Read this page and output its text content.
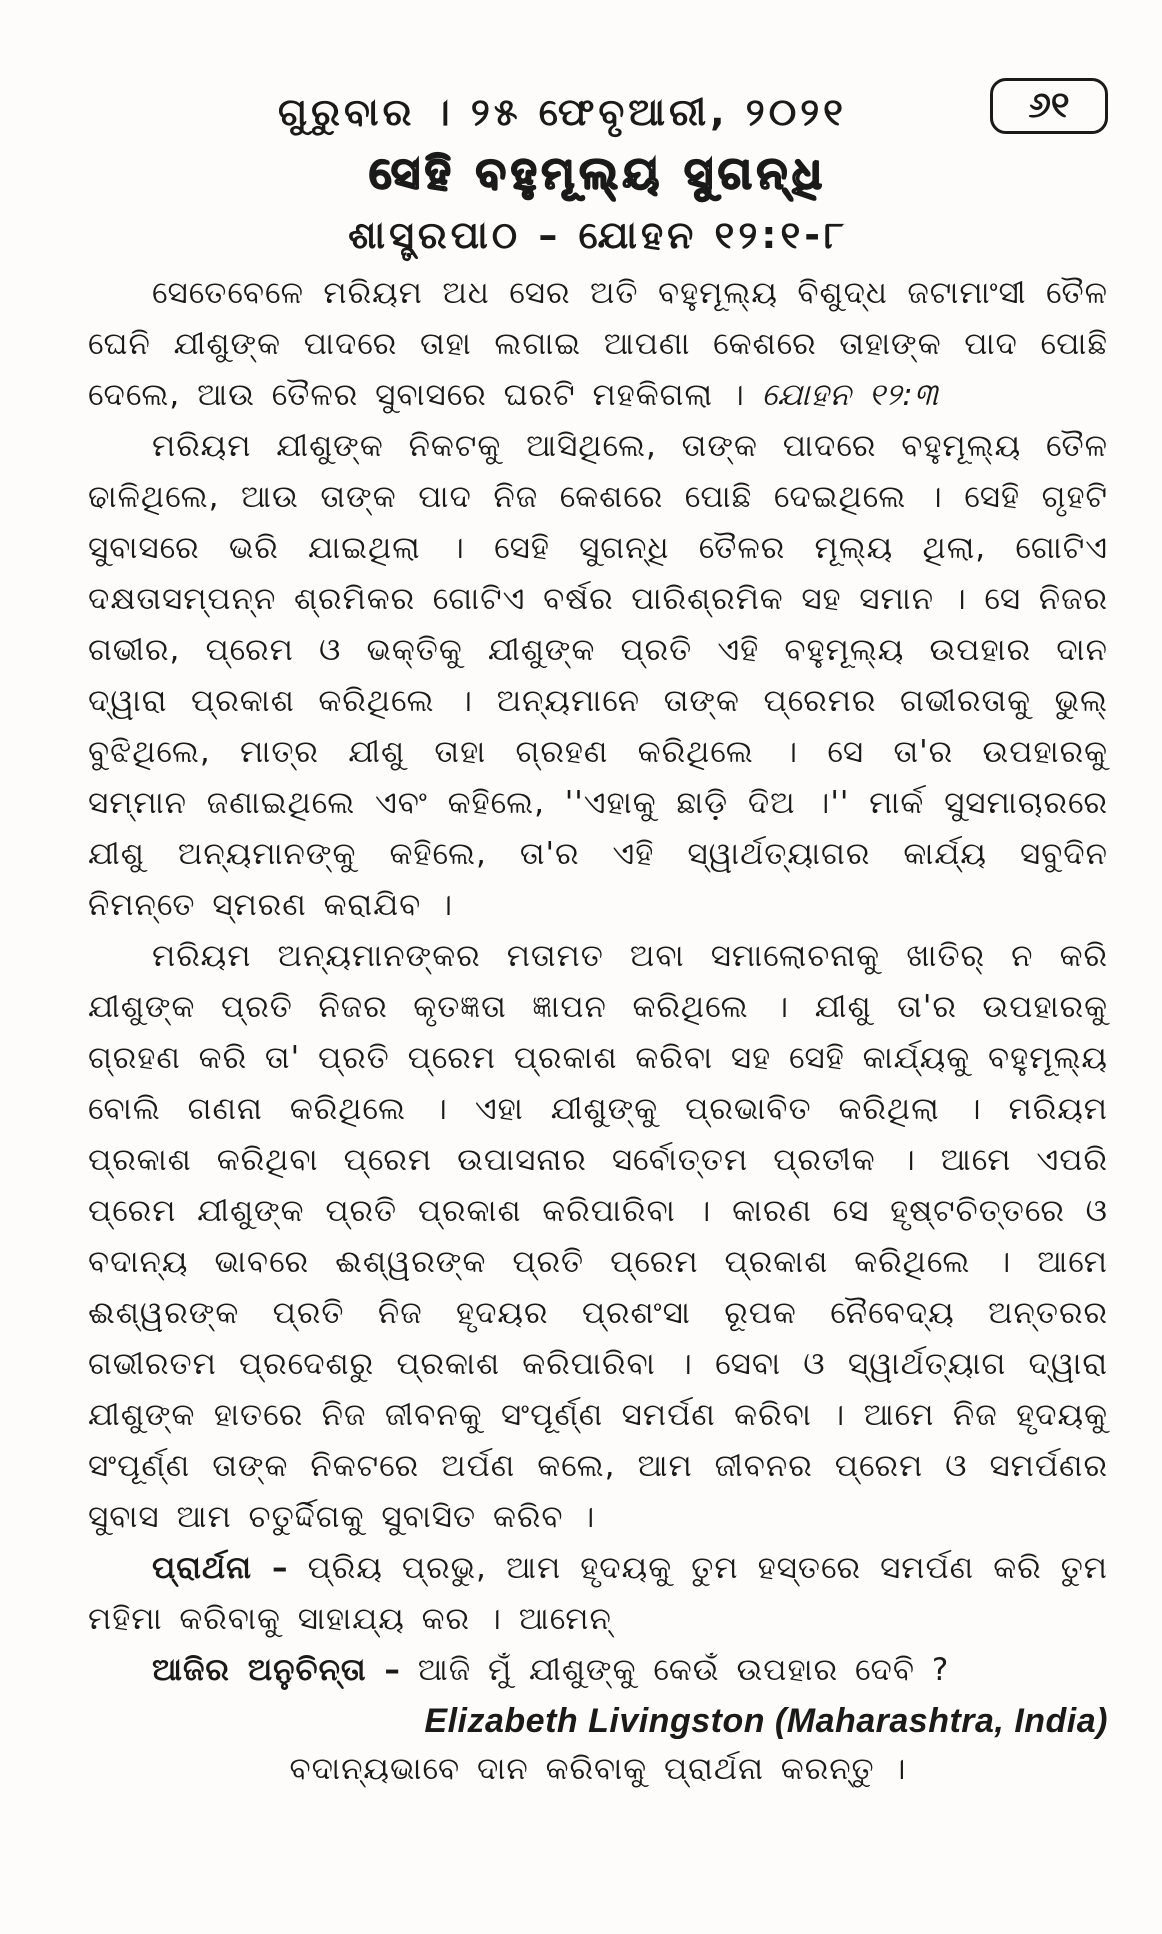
ଗୁରୁବାର । ୨୫ ଫେବୃଆରୀ, ୨୦୨୧	୬୧
ସେହି ବହୁମୂଲ୍ୟ ସୁଗନ୍ଧି
ଶାସ୍ତ୍ରପାଠ – ଯୋହନ ୧୨:୧-୮

ସେତେବେଳେ ମରିୟମ ଅଧ ସେର ଅତି ବହୁମୂଲ୍ୟ ବିଶୁଦ୍ଧ ଜଟାମାଂସୀ ତୈଳ ଘେନି ଯୀଶୁଙ୍କ ପାଦରେ ତାହା ଲଗାଇ ଆପଣା କେଶରେ ତାହାଙ୍କ ପାଦ ପୋଛି ଦେଲେ, ଆଉ ତୈଳର ସୁବାସରେ ଘରଟି ମହକିଗଲା । ଯୋହନ ୧୨:୩

ମରିୟମ ଯୀଶୁଙ୍କ ନିକଟକୁ ଆସିଥିଲେ, ତାଙ୍କ ପାଦରେ ବହୁମୂଲ୍ୟ ତୈଳ ଢାଳିଥିଲେ, ଆଉ ତାଙ୍କ ପାଦ ନିଜ କେଶରେ ପୋଛି ଦେଇଥିଲେ । ସେହି ଗୃହଟି ସୁବାସରେ ଭରି ଯାଇଥିଲା । ସେହି ସୁଗନ୍ଧି ତୈଳର ମୂଲ୍ୟ ଥିଲା, ଗୋଟିଏ ଦକ୍ଷତାସମ୍ପନ୍ନ ଶ୍ରମିକର ଗୋଟିଏ ବର୍ଷର ପାରିଶ୍ରମିକ ସହ ସମାନ । ସେ ନିଜର ଗଭୀର, ପ୍ରେମ ଓ ଭକ୍ତିକୁ ଯୀଶୁଙ୍କ ପ୍ରତି ଏହି ବହୁମୂଲ୍ୟ ଉପହାର ଦାନ ଦ୍ୱାରା ପ୍ରକାଶ କରିଥିଲେ । ଅନ୍ୟମାନେ ତାଙ୍କ ପ୍ରେମର ଗଭୀରତାକୁ ଭୁଲ୍ ବୁଝିଥିଲେ, ମାତ୍ର ଯୀଶୁ ତାହା ଗ୍ରହଣ କରିଥିଲେ । ସେ ତା'ର ଉପହାରକୁ ସମ୍ମାନ ଜଣାଇଥିଲେ ଏବଂ କହିଲେ, ''ଏହାକୁ ଛାଡ଼ି ଦିଅ ।'' ମାର୍କ ସୁସମାଚାରରେ ଯୀଶୁ ଅନ୍ୟମାନଙ୍କୁ କହିଲେ, ତା'ର ଏହି ସ୍ୱାର୍ଥତ୍ୟାଗର କାର୍ଯ୍ୟ ସବୁଦିନ ନିମନ୍ତେ ସ୍ମରଣ କରାଯିବ ।

ମରିୟମ ଅନ୍ୟମାନଙ୍କର ମତାମତ ଅବା ସମାଲୋଚନାକୁ ଖାତିର୍ ନ କରି ଯୀଶୁଙ୍କ ପ୍ରତି ନିଜର କୃତଜ୍ଞତା ଜ୍ଞାପନ କରିଥିଲେ । ଯୀଶୁ ତା'ର ଉପହାରକୁ ଗ୍ରହଣ କରି ତା' ପ୍ରତି ପ୍ରେମ ପ୍ରକାଶ କରିବା ସହ ସେହି କାର୍ଯ୍ୟକୁ ବହୁମୂଲ୍ୟ ବୋଲି ଗଣନା କରିଥିଲେ । ଏହା ଯୀଶୁଙ୍କୁ ପ୍ରଭାବିତ କରିଥିଲା । ମରିୟମ ପ୍ରକାଶ କରିଥିବା ପ୍ରେମ ଉପାସନାର ସର୍ବୋତ୍ତମ ପ୍ରତୀକ । ଆମେ ଏପରି ପ୍ରେମ ଯୀଶୁଙ୍କ ପ୍ରତି ପ୍ରକାଶ କରିପାରିବା । କାରଣ ସେ ହୃଷ୍ଟଚିତ୍ତରେ ଓ ବଦାନ୍ୟ ଭାବରେ ଈଶ୍ୱରଙ୍କ ପ୍ରତି ପ୍ରେମ ପ୍ରକାଶ କରିଥିଲେ । ଆମେ ଈଶ୍ୱରଙ୍କ ପ୍ରତି ନିଜ ହୃଦୟର ପ୍ରଶଂସା ରୂପକ ନୈବେଦ୍ୟ ଅନ୍ତରର ଗଭୀରତମ ପ୍ରଦେଶରୁ ପ୍ରକାଶ କରିପାରିବା । ସେବା ଓ ସ୍ୱାର୍ଥତ୍ୟାଗ ଦ୍ୱାରା ଯୀଶୁଙ୍କ ହାତରେ ନିଜ ଜୀବନକୁ ସଂପୂର୍ଣ୍ଣ ସମର୍ପଣ କରିବା । ଆମେ ନିଜ ହୃଦୟକୁ ସଂପୂର୍ଣ୍ଣ ତାଙ୍କ ନିକଟରେ ଅର୍ପଣ କଲେ, ଆମ ଜୀବନର ପ୍ରେମ ଓ ସମର୍ପଣର ସୁବାସ ଆମ ଚତୁର୍ଦ୍ଦିଗକୁ ସୁବାସିତ କରିବ ।

ପ୍ରାର୍ଥନା – ପ୍ରିୟ ପ୍ରଭୁ, ଆମ ହୃଦୟକୁ ତୁମ ହସ୍ତରେ ସମର୍ପଣ କରି ତୁମ ମହିମା କରିବାକୁ ସାହାଯ୍ୟ କର । ଆମେନ୍

ଆଜିର ଅନୁଚିନ୍ତା – ଆଜି ମୁଁ ଯୀଶୁଙ୍କୁ କେଉଁ ଉପହାର ଦେବି ?

Elizabeth Livingston (Maharashtra, India)
ବଦାନ୍ୟଭାବେ ଦାନ କରିବାକୁ ପ୍ରାର୍ଥନା କରନ୍ତୁ ।
